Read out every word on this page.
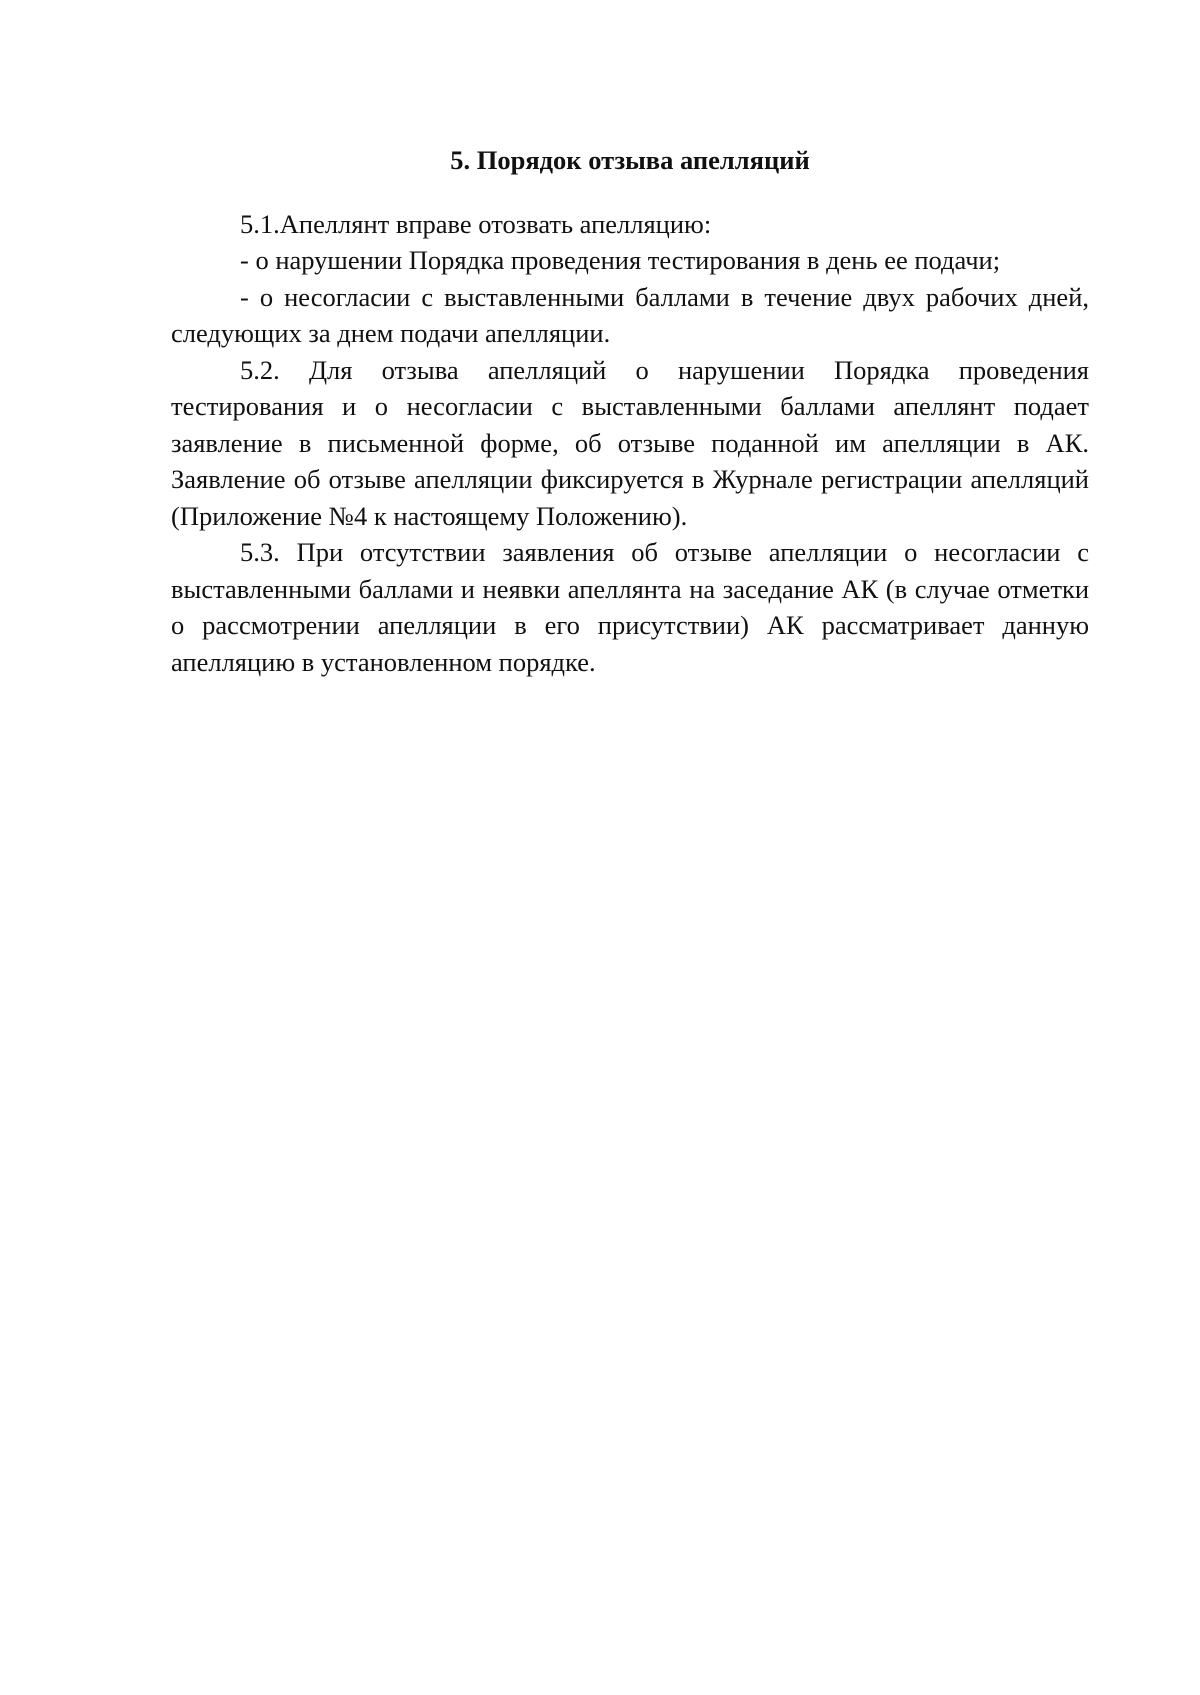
5. Порядок отзыва апелляций

5.1.Апеллянт вправе отозвать апелляцию:

- о нарушении Порядка проведения тестирования в день ее подачи;

- о несогласии с выставленными баллами в течение двух рабочих дней, следующих за днем подачи апелляции.

5.2. Для отзыва апелляций о нарушении Порядка проведения тестирования и о несогласии с выставленными баллами апеллянт подает заявление в письменной форме, об отзыве поданной им апелляции в АК. Заявление об отзыве апелляции фиксируется в Журнале регистрации апелляций (Приложение №4 к настоящему Положению).

5.3. При отсутствии заявления об отзыве апелляции о несогласии с выставленными баллами и неявки апеллянта на заседание АК (в случае отметки о рассмотрении апелляции в его присутствии) АК рассматривает данную апелляцию в установленном порядке.
